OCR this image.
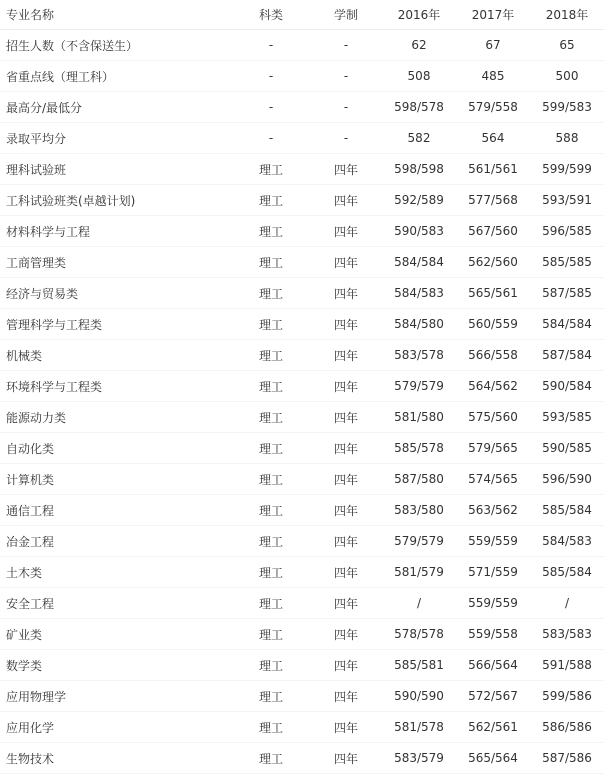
专业名称	科类	学制	2016年	2017年	2018年
招生人数（不含保送生）	-	-	62	67	65
省重点线（理工科）	-	-	508	485	500
最高分/最低分	-	-	598/578	579/558	599/583
录取平均分	-	-	582	564	588
理科试验班	理工	四年	598/598	561/561	599/599
工科试验班类(卓越计划)	理工	四年	592/589	577/568	593/591
材料科学与工程	理工	四年	590/583	567/560	596/585
工商管理类	理工	四年	584/584	562/560	585/585
经济与贸易类	理工	四年	584/583	565/561	587/585
管理科学与工程类	理工	四年	584/580	560/559	584/584
机械类	理工	四年	583/578	566/558	587/584
环境科学与工程类	理工	四年	579/579	564/562	590/584
能源动力类	理工	四年	581/580	575/560	593/585
自动化类	理工	四年	585/578	579/565	590/585
计算机类	理工	四年	587/580	574/565	596/590
通信工程	理工	四年	583/580	563/562	585/584
冶金工程	理工	四年	579/579	559/559	584/583
土木类	理工	四年	581/579	571/559	585/584
安全工程	理工	四年	/	559/559	/
矿业类	理工	四年	578/578	559/558	583/583
数学类	理工	四年	585/581	566/564	591/588
应用物理学	理工	四年	590/590	572/567	599/586
应用化学	理工	四年	581/578	562/561	586/586
生物技术	理工	四年	583/579	565/564	587/586
